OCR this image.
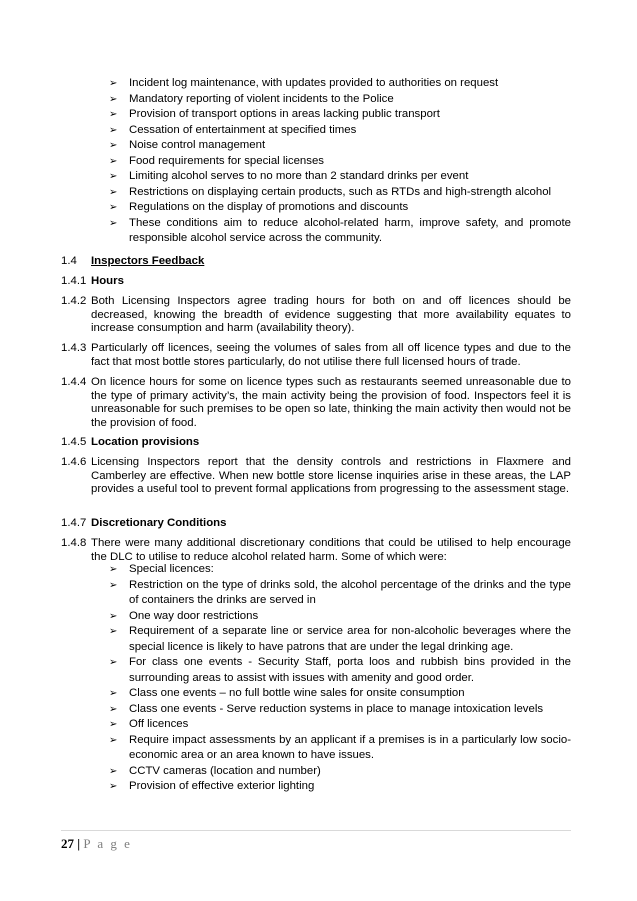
➢ Incident log maintenance, with updates provided to authorities on request
➢ Mandatory reporting of violent incidents to the Police
➢ Provision of transport options in areas lacking public transport
➢ Cessation of entertainment at specified times
➢ Noise control management
➢ Food requirements for special licenses
➢ Limiting alcohol serves to no more than 2 standard drinks per event
➢ Restrictions on displaying certain products, such as RTDs and high-strength alcohol
➢ Regulations on the display of promotions and discounts
➢ These conditions aim to reduce alcohol-related harm, improve safety, and promote responsible alcohol service across the community.
1.4 Inspectors Feedback
1.4.1 Hours
1.4.2 Both Licensing Inspectors agree trading hours for both on and off licences should be decreased, knowing the breadth of evidence suggesting that more availability equates to increase consumption and harm (availability theory).
1.4.3 Particularly off licences, seeing the volumes of sales from all off licence types and due to the fact that most bottle stores particularly, do not utilise there full licensed hours of trade.
1.4.4 On licence hours for some on licence types such as restaurants seemed unreasonable due to the type of primary activity’s, the main activity being the provision of food. Inspectors feel it is unreasonable for such premises to be open so late, thinking the main activity then would not be the provision of food.
1.4.5 Location provisions
1.4.6 Licensing Inspectors report that the density controls and restrictions in Flaxmere and Camberley are effective. When new bottle store license inquiries arise in these areas, the LAP provides a useful tool to prevent formal applications from progressing to the assessment stage.
1.4.7 Discretionary Conditions
1.4.8 There were many additional discretionary conditions that could be utilised to help encourage the DLC to utilise to reduce alcohol related harm. Some of which were:
➢ Special licences:
➢ Restriction on the type of drinks sold, the alcohol percentage of the drinks and the type of containers the drinks are served in
➢ One way door restrictions
➢ Requirement of a separate line or service area for non-alcoholic beverages where the special licence is likely to have patrons that are under the legal drinking age.
➢ For class one events - Security Staff, porta loos and rubbish bins provided in the surrounding areas to assist with issues with amenity and good order.
➢ Class one events – no full bottle wine sales for onsite consumption
➢ Class one events - Serve reduction systems in place to manage intoxication levels
➢ Off licences
➢ Require impact assessments by an applicant if a premises is in a particularly low socio-economic area or an area known to have issues.
➢ CCTV cameras (location and number)
➢ Provision of effective exterior lighting
27 | P a g e
